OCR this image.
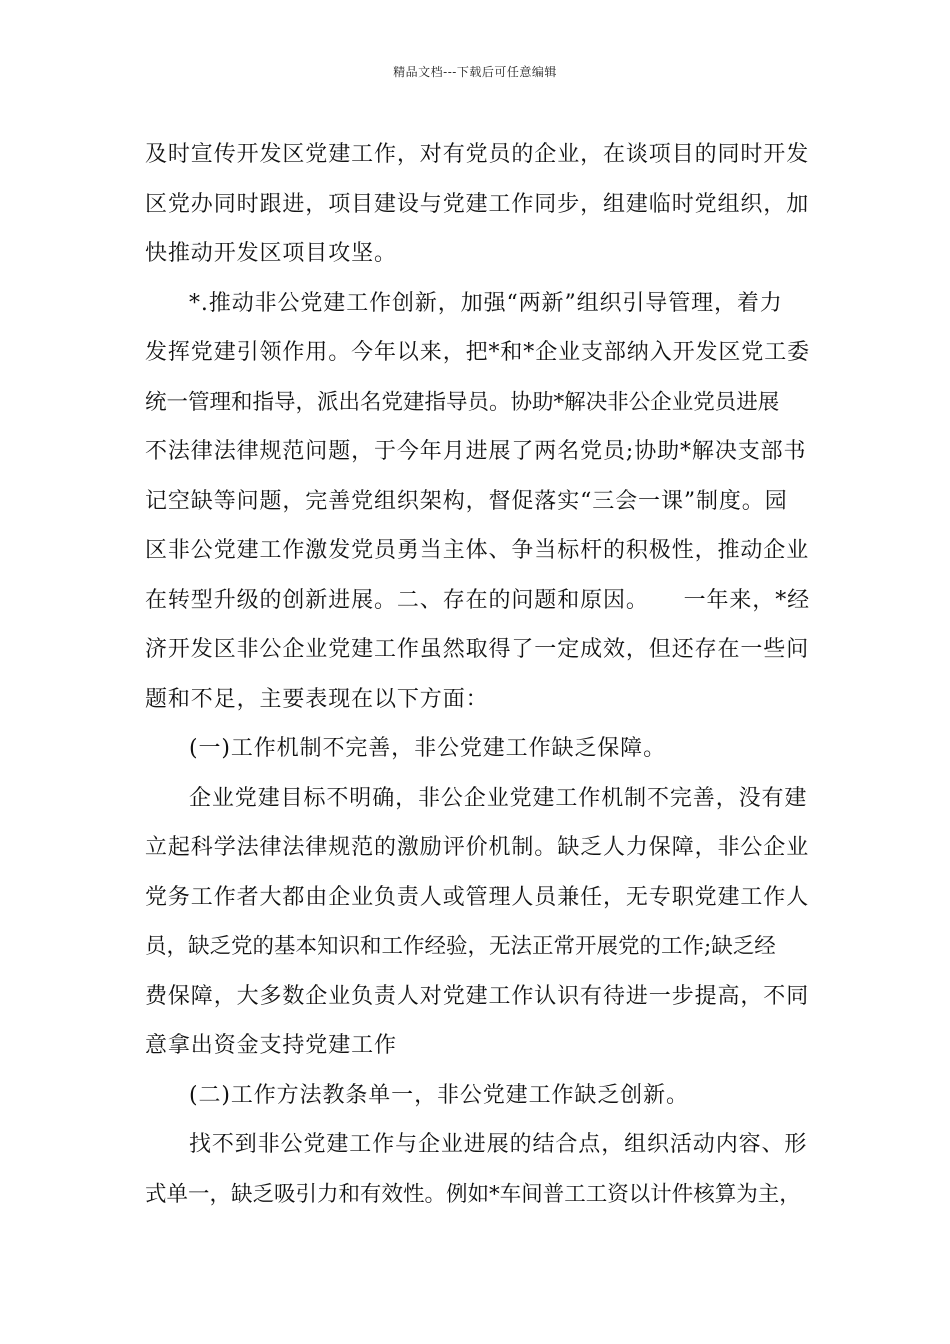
精品文档---下载后可任意编辑
及时宣传开发区党建工作，对有党员的企业，在谈项目的同时开发
区党办同时跟进，项目建设与党建工作同步，组建临时党组织，加
快推动开发区项目攻坚。
*.推动非公党建工作创新，加强“两新”组织引导管理，着力
发挥党建引领作用。今年以来，把*和*企业支部纳入开发区党工委
统一管理和指导，派出名党建指导员。协助*解决非公企业党员进展
不法律法律规范问题，于今年月进展了两名党员;协助*解决支部书
记空缺等问题，完善党组织架构，督促落实“三会一课”制度。园
区非公党建工作激发党员勇当主体、争当标杆的积极性，推动企业
在转型升级的创新进展。二、存在的问题和原因。　　一年来，*经
济开发区非公企业党建工作虽然取得了一定成效，但还存在一些问
题和不足，主要表现在以下方面：
(一)工作机制不完善，非公党建工作缺乏保障。
企业党建目标不明确，非公企业党建工作机制不完善，没有建
立起科学法律法律规范的激励评价机制。缺乏人力保障，非公企业
党务工作者大都由企业负责人或管理人员兼任，无专职党建工作人
员，缺乏党的基本知识和工作经验，无法正常开展党的工作;缺乏经
费保障，大多数企业负责人对党建工作认识有待进一步提高，不同
意拿出资金支持党建工作
(二)工作方法教条单一，非公党建工作缺乏创新。
找不到非公党建工作与企业进展的结合点，组织活动内容、形
式单一，缺乏吸引力和有效性。例如*车间普工工资以计件核算为主，
